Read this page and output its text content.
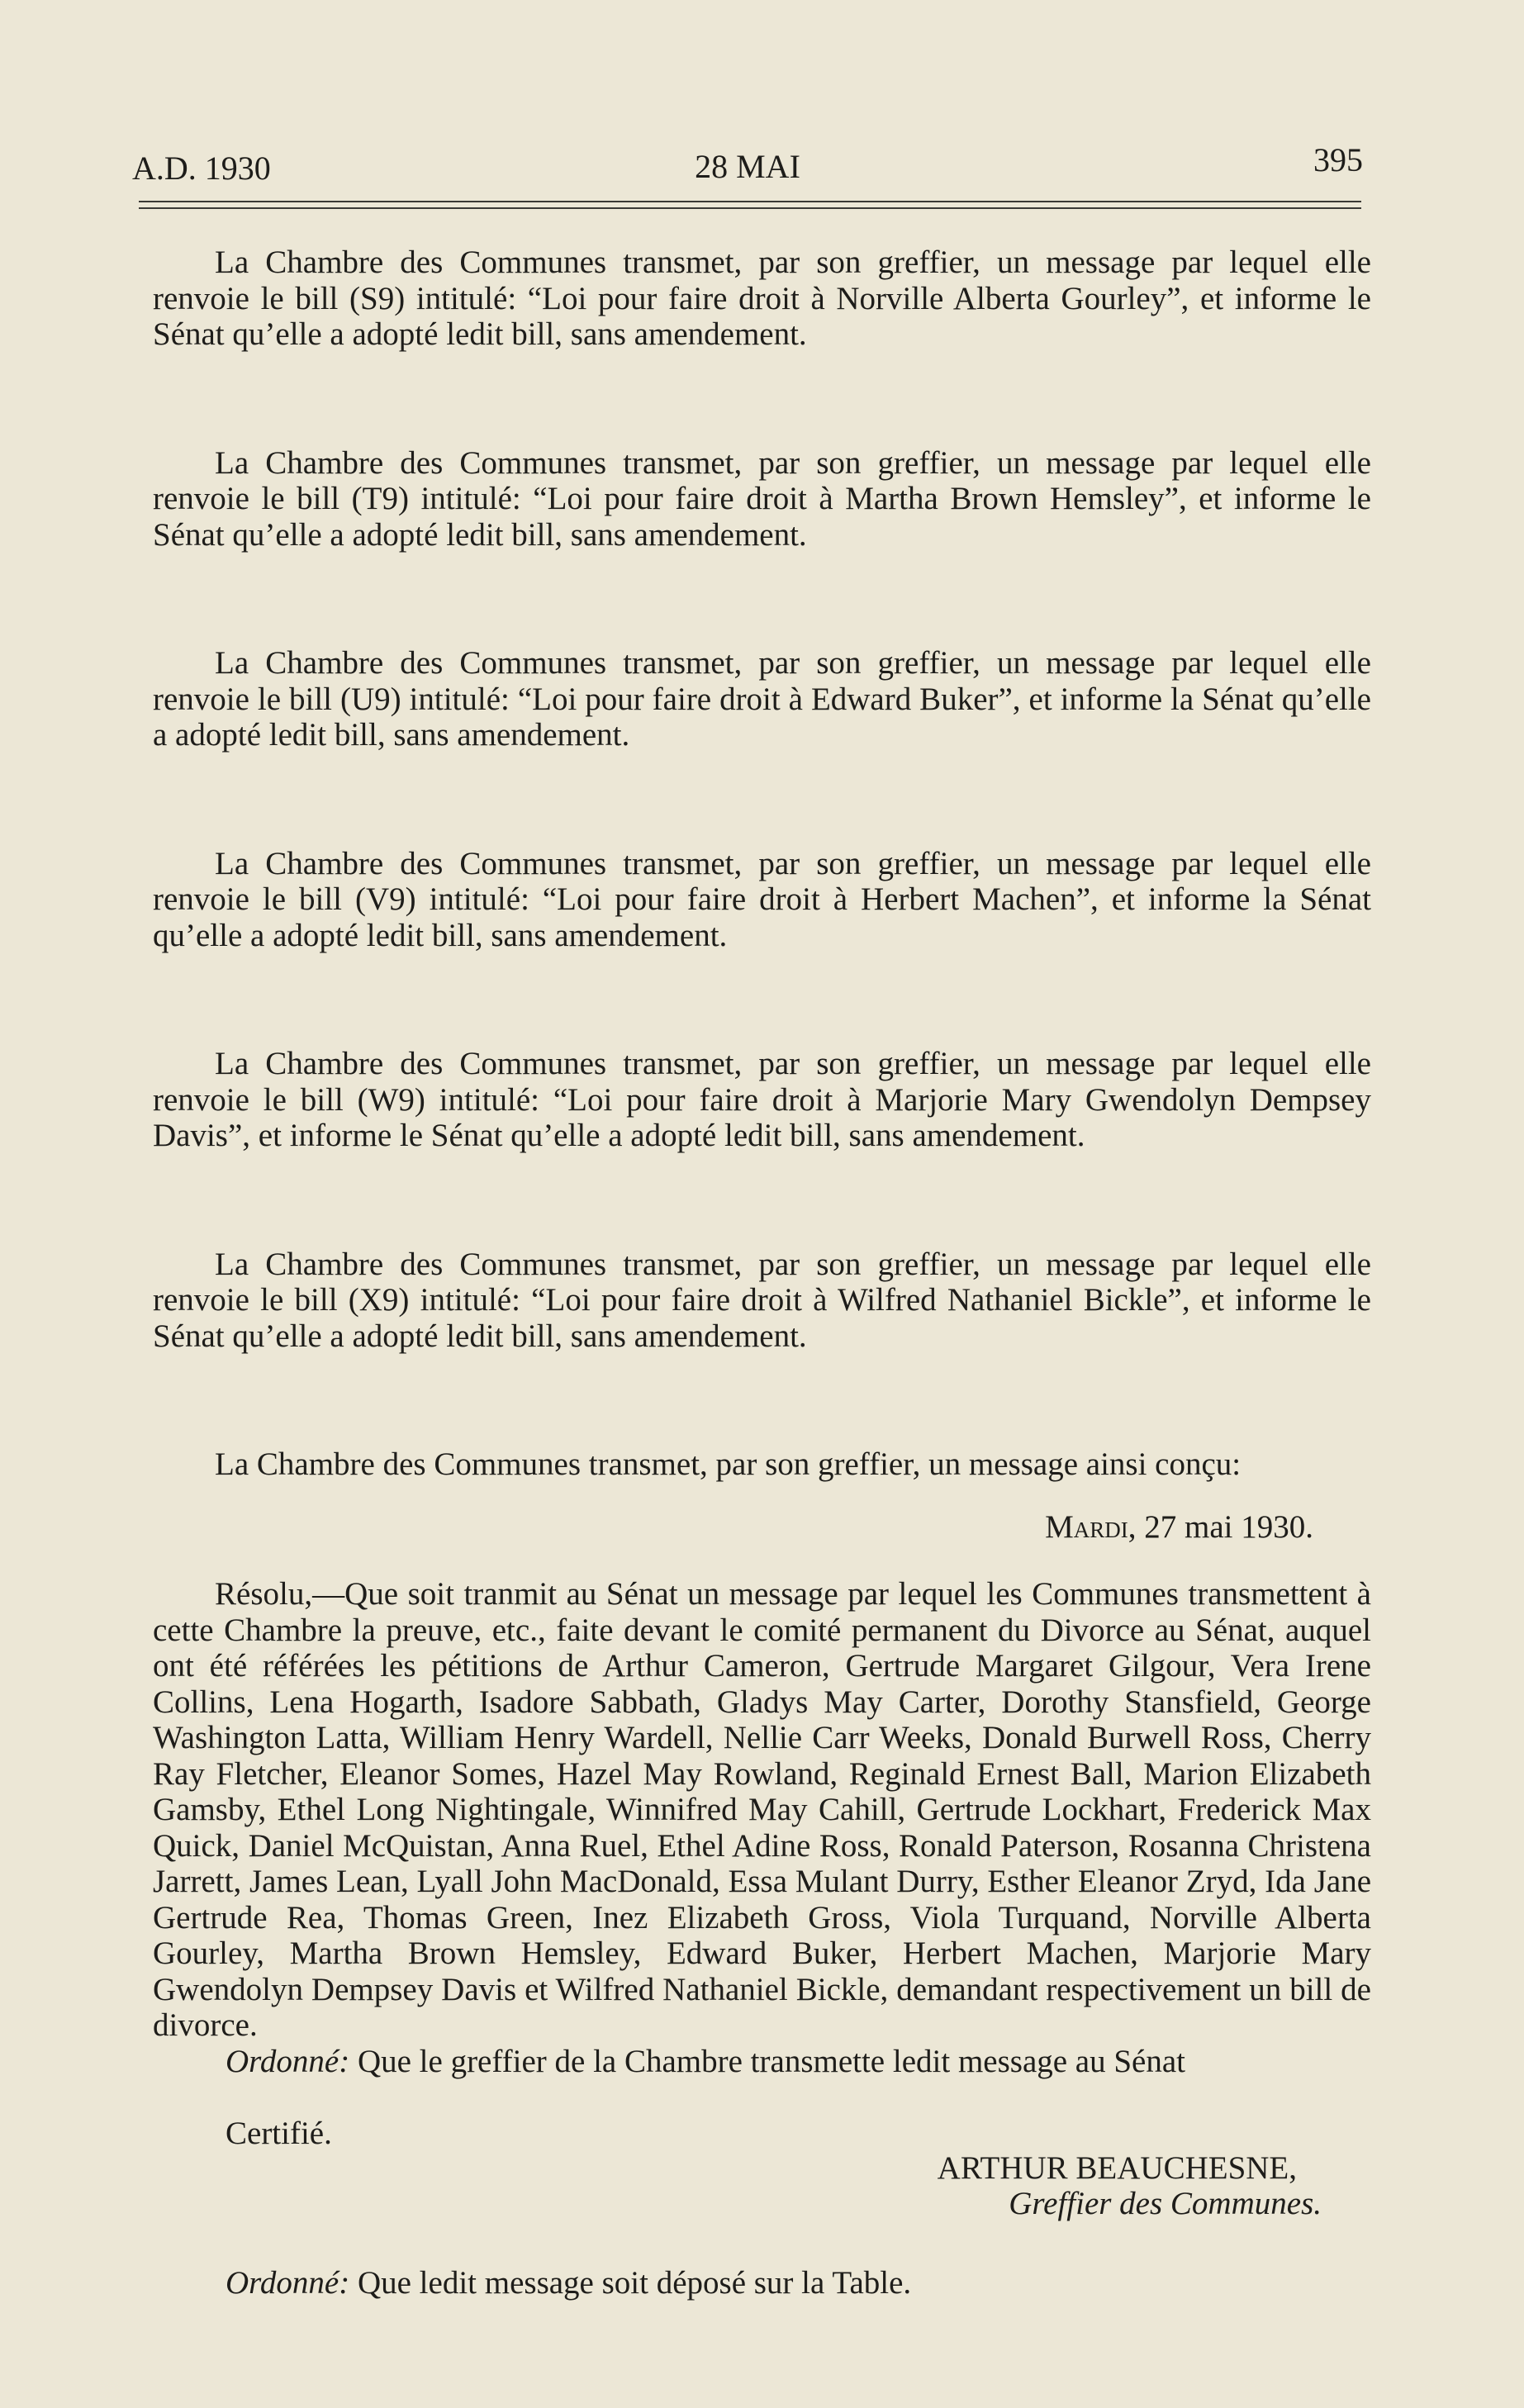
A.D. 1930	28 MAI	395

La Chambre des Communes transmet, par son greffier, un message par lequel elle renvoie le bill (S9) intitulé: “Loi pour faire droit à Norville Alberta Gourley”, et informe le Sénat qu’elle a adopté ledit bill, sans amendement.

La Chambre des Communes transmet, par son greffier, un message par lequel elle renvoie le bill (T9) intitulé: “Loi pour faire droit à Martha Brown Hemsley”, et informe le Sénat qu’elle a adopté ledit bill, sans amendement.

La Chambre des Communes transmet, par son greffier, un message par lequel elle renvoie le bill (U9) intitulé: “Loi pour faire droit à Edward Buker”, et informe la Sénat qu’elle a adopté ledit bill, sans amendement.

La Chambre des Communes transmet, par son greffier, un message par lequel elle renvoie le bill (V9) intitulé: “Loi pour faire droit à Herbert Machen”, et informe la Sénat qu’elle a adopté ledit bill, sans amendement.

La Chambre des Communes transmet, par son greffier, un message par lequel elle renvoie le bill (W9) intitulé: “Loi pour faire droit à Marjorie Mary Gwendolyn Dempsey Davis”, et informe le Sénat qu’elle a adopté ledit bill, sans amendement.

La Chambre des Communes transmet, par son greffier, un message par lequel elle renvoie le bill (X9) intitulé: “Loi pour faire droit à Wilfred Nathaniel Bickle”, et informe le Sénat qu’elle a adopté ledit bill, sans amendement.

La Chambre des Communes transmet, par son greffier, un message ainsi conçu:

Mardi, 27 mai 1930.

Résolu,—Que soit tranmit au Sénat un message par lequel les Communes transmettent à cette Chambre la preuve, etc., faite devant le comité permanent du Divorce au Sénat, auquel ont été référées les pétitions de Arthur Cameron, Gertrude Margaret Gilgour, Vera Irene Collins, Lena Hogarth, Isadore Sabbath, Gladys May Carter, Dorothy Stansfield, George Washington Latta, William Henry Wardell, Nellie Carr Weeks, Donald Burwell Ross, Cherry Ray Fletcher, Eleanor Somes, Hazel May Rowland, Reginald Ernest Ball, Marion Elizabeth Gamsby, Ethel Long Nightingale, Winnifred May Cahill, Gertrude Lockhart, Frederick Max Quick, Daniel McQuistan, Anna Ruel, Ethel Adine Ross, Ronald Paterson, Rosanna Christena Jarrett, James Lean, Lyall John MacDonald, Essa Mulant Durry, Esther Eleanor Zryd, Ida Jane Gertrude Rea, Thomas Green, Inez Elizabeth Gross, Viola Turquand, Norville Alberta Gourley, Martha Brown Hemsley, Edward Buker, Herbert Machen, Marjorie Mary Gwendolyn Dempsey Davis et Wilfred Nathaniel Bickle, demandant respectivement un bill de divorce.

Ordonné: Que le greffier de la Chambre transmette ledit message au Sénat

Certifié.

ARTHUR BEAUCHESNE,

Greffier des Communes.

Ordonné: Que ledit message soit déposé sur la Table.
